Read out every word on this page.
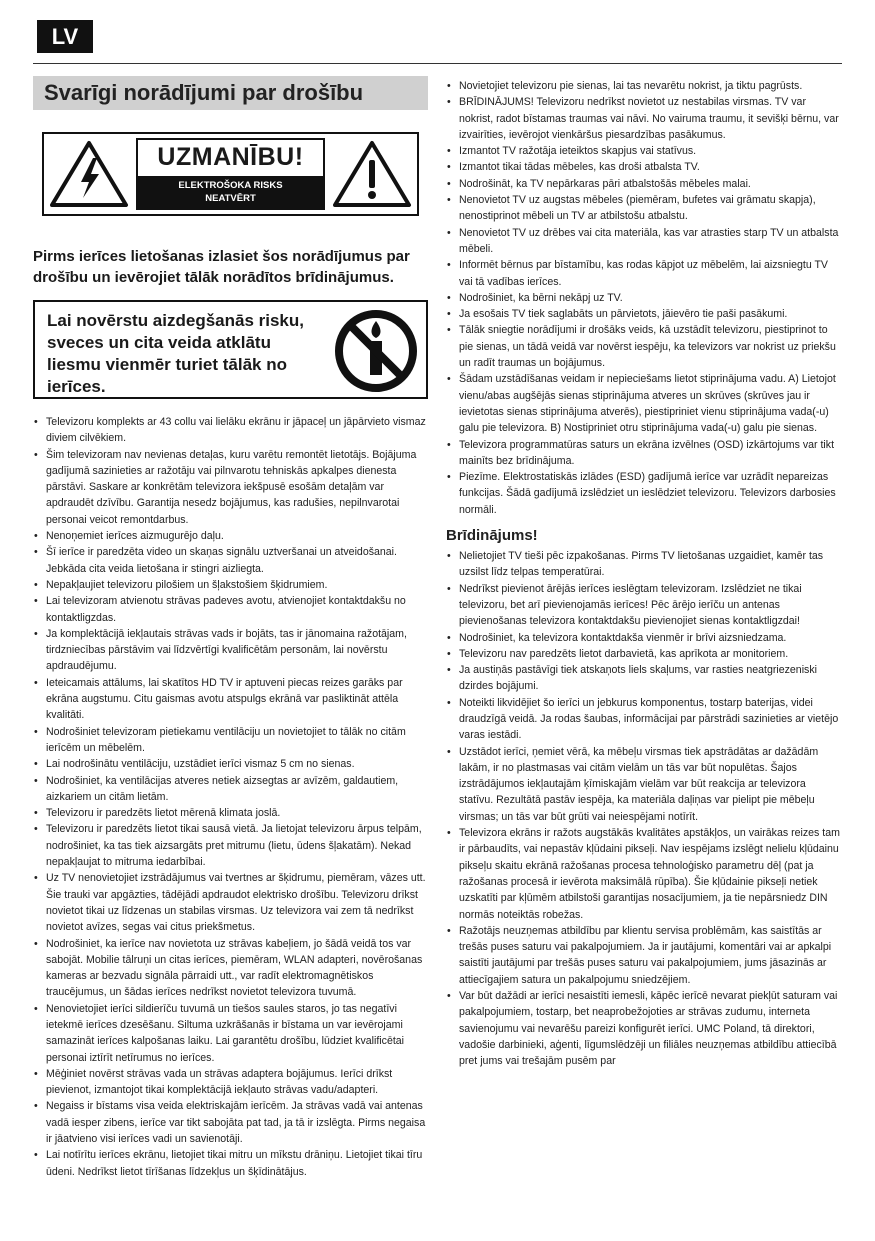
LV
Svarīgi norādījumi par drošību
UZMANĪBU!
ELEKTROŠOKA RISKS
NEATVĒRT
Pirms ierīces lietošanas izlasiet šos norādījumus par drošību un ievērojiet tālāk norādītos brīdinājumus.
Lai novērstu aizdegšanās risku, sveces un cita veida atklātu liesmu vienmēr turiet tālāk no ierīces.
• Televizoru komplekts ar 43 collu vai lielāku ekrānu ir jāpaceļ un jāpārvieto vismaz diviem cilvēkiem.
• Šim televizoram nav nevienas detaļas, kuru varētu remontēt lietotājs. Bojājuma gadījumā sazinieties ar ražotāju vai pilnvarotu tehniskās apkalpes dienesta pārstāvi. Saskare ar konkrētām televizora iekšpusē esošām detaļām var apdraudēt dzīvību. Garantija nesedz bojājumus, kas radušies, nepilnvarotai personai veicot remontdarbus.
• Nenoņemiet ierīces aizmugurējo daļu.
• Šī ierīce ir paredzēta video un skaņas signālu uztveršanai un atveidošanai. Jebkāda cita veida lietošana ir stingri aizliegta.
• Nepakļaujiet televizoru pilošiem un šļakstošiem šķidrumiem.
• Lai televizoram atvienotu strāvas padeves avotu, atvienojiet kontaktdakšu no kontaktligzdas.
• Ja komplektācijā iekļautais strāvas vads ir bojāts, tas ir jānomaina ražotājam, tirdzniecības pārstāvim vai līdzvērtīgi kvalificētām personām, lai novērstu apdraudējumu.
• Ieteicamais attālums, lai skatītos HD TV ir aptuveni piecas reizes garāks par ekrāna augstumu. Citu gaismas avotu atspulgs ekrānā var pasliktināt attēla kvalitāti.
• Nodrošiniet televizoram pietiekamu ventilāciju un novietojiet to tālāk no citām ierīcēm un mēbelēm.
• Lai nodrošinātu ventilāciju, uzstādiet ierīci vismaz 5 cm no sienas.
• Nodrošiniet, ka ventilācijas atveres netiek aizsegtas ar avīzēm, galdautiem, aizkariem un citām lietām.
• Televizoru ir paredzēts lietot mērenā klimata joslā.
• Televizoru ir paredzēts lietot tikai sausā vietā. Ja lietojat televizoru ārpus telpām, nodrošiniet, ka tas tiek aizsargāts pret mitrumu (lietu, ūdens šļakatām). Nekad nepakļaujat to mitruma iedarbībai.
• Uz TV nenovietojiet izstrādājumus vai tvertnes ar šķidrumu, piemēram, vāzes utt. Šie trauki var apgāzties, tādējādi apdraudot elektrisko drošību. Televizoru drīkst novietot tikai uz līdzenas un stabilas virsmas. Uz televizora vai zem tā nedrīkst novietot avīzes, segas vai citus priekšmetus.
• Nodrošiniet, ka ierīce nav novietota uz strāvas kabeļiem, jo šādā veidā tos var sabojāt. Mobilie tālruņi un citas ierīces, piemēram, WLAN adapteri, novērošanas kameras ar bezvadu signāla pārraidi utt., var radīt elektromagnētiskos traucējumus, un šādas ierīces nedrīkst novietot televizora tuvumā.
• Nenovietojiet ierīci sildierīču tuvumā un tiešos saules staros, jo tas negatīvi ietekmē ierīces dzesēšanu. Siltuma uzkrāšanās ir bīstama un var ievērojami samazināt ierīces kalpošanas laiku. Lai garantētu drošību, lūdziet kvalificētai personai iztīrīt netīrumus no ierīces.
• Mēģiniet novērst strāvas vada un strāvas adaptera bojājumus. Ierīci drīkst pievienot, izmantojot tikai komplektācijā iekļauto strāvas vadu/adapteri.
• Negaiss ir bīstams visa veida elektriskajām ierīcēm. Ja strāvas vadā vai antenas vadā iesper zibens, ierīce var tikt sabojāta pat tad, ja tā ir izslēgta. Pirms negaisa ir jāatvieno visi ierīces vadi un savienotāji.
• Lai notīrītu ierīces ekrānu, lietojiet tikai mitru un mīkstu drāniņu. Lietojiet tikai tīru ūdeni. Nedrīkst lietot tīrīšanas līdzekļus un šķīdinātājus.
• Novietojiet televizoru pie sienas, lai tas nevarētu nokrist, ja tiktu pagrūsts.
• BRĪDINĀJUMS! Televizoru nedrīkst novietot uz nestabilas virsmas. TV var nokrist, radot bīstamas traumas vai nāvi. No vairuma traumu, it sevišķi bērnu, var izvairīties, ievērojot vienkāršus piesardzības pasākumus.
• Izmantot TV ražotāja ieteiktos skapjus vai statīvus.
• Izmantot tikai tādas mēbeles, kas droši atbalsta TV.
• Nodrošināt, ka TV nepārkaras pāri atbalstošās mēbeles malai.
• Nenovietot TV uz augstas mēbeles (piemēram, bufetes vai grāmatu skapja), nenostiprinot mēbeli un TV ar atbilstošu atbalstu.
• Nenovietot TV uz drēbes vai cita materiāla, kas var atrasties starp TV un atbalsta mēbeli.
• Informēt bērnus par bīstamību, kas rodas kāpjot uz mēbelēm, lai aizsniegtu TV vai tā vadības ierīces.
• Nodrošiniet, ka bērni nekāpj uz TV.
• Ja esošais TV tiek saglabāts un pārvietots, jāievēro tie paši pasākumi.
• Tālāk sniegtie norādījumi ir drošāks veids, kā uzstādīt televizoru, piestiprinot to pie sienas, un tādā veidā var novērst iespēju, ka televizors var nokrist uz priekšu un radīt traumas un bojājumus.
• Šādam uzstādīšanas veidam ir nepieciešams lietot stiprinājuma vadu. A) Lietojot vienu/abas augšējās sienas stiprinājuma atveres un skrūves (skrūves jau ir ievietotas sienas stiprinājuma atverēs), piestipriniet vienu stiprinājuma vada(-u) galu pie televizora. B) Nostipriniet otru stiprinājuma vada(-u) galu pie sienas.
• Televizora programmatūras saturs un ekrāna izvēlnes (OSD) izkārtojums var tikt mainīts bez brīdinājuma.
• Piezīme. Elektrostatiskās izlādes (ESD) gadījumā ierīce var uzrādīt nepareizas funkcijas. Šādā gadījumā izslēdziet un ieslēdziet televizoru. Televizors darbosies normāli.
Brīdinājums!
• Nelietojiet TV tieši pēc izpakošanas. Pirms TV lietošanas uzgaidiet, kamēr tas uzsilst līdz telpas temperatūrai.
• Nedrīkst pievienot ārējās ierīces ieslēgtam televizoram. Izslēdziet ne tikai televizoru, bet arī pievienojamās ierīces! Pēc ārējo ierīču un antenas pievienošanas televizora kontaktdakšu pievienojiet sienas kontaktligzdai!
• Nodrošiniet, ka televizora kontaktdakša vienmēr ir brīvi aizsniedzama.
• Televizoru nav paredzēts lietot darbavietā, kas aprīkota ar monitoriem.
• Ja austiņās pastāvīgi tiek atskaņots liels skaļums, var rasties neatgriezeniski dzirdes bojājumi.
• Noteikti likvidējiet šo ierīci un jebkurus komponentus, tostarp baterijas, videi draudzīgā veidā. Ja rodas šaubas, informācijai par pārstrādi sazinieties ar vietējo varas iestādi.
• Uzstādot ierīci, ņemiet vērā, ka mēbeļu virsmas tiek apstrādātas ar dažādām lakām, ir no plastmasas vai citām vielām un tās var būt nopulētas. Šajos izstrādājumos iekļautajām ķīmiskajām vielām var būt reakcija ar televizora statīvu. Rezultātā pastāv iespēja, ka materiāla daļiņas var pielipt pie mēbeļu virsmas; un tās var būt grūti vai neiespējami notīrīt.
• Televizora ekrāns ir ražots augstākās kvalitātes apstākļos, un vairākas reizes tam ir pārbaudīts, vai nepastāv kļūdaini pikseļi. Nav iespējams izslēgt nelielu kļūdainu pikseļu skaitu ekrānā ražošanas procesa tehnoloģisko parametru dēļ (pat ja ražošanas procesā ir ievērota maksimālā rūpība). Šie kļūdainie pikseļi netiek uzskatīti par kļūmēm atbilstoši garantijas nosacījumiem, ja tie nepārsniedz DIN normās noteiktās robežas.
• Ražotājs neuzņemas atbildību par klientu servisa problēmām, kas saistītās ar trešās puses saturu vai pakalpojumiem. Ja ir jautājumi, komentāri vai ar apkalpi saistīti jautājumi par trešās puses saturu vai pakalpojumiem, jums jāsazinās ar attiecīgajiem satura un pakalpojumu sniedzējiem.
• Var būt dažādi ar ierīci nesaistīti iemesli, kāpēc ierīcē nevarat piekļūt saturam vai pakalpojumiem, tostarp, bet neaprobežojoties ar strāvas zudumu, interneta savienojumu vai nevarēšu pareizi konfigurēt ierīci. UMC Poland, tā direktori, vadošie darbinieki, aģenti, līgumslēdzēji un filiāles neuzņemas atbildību attiecībā pret jums vai trešajām pusēm par
